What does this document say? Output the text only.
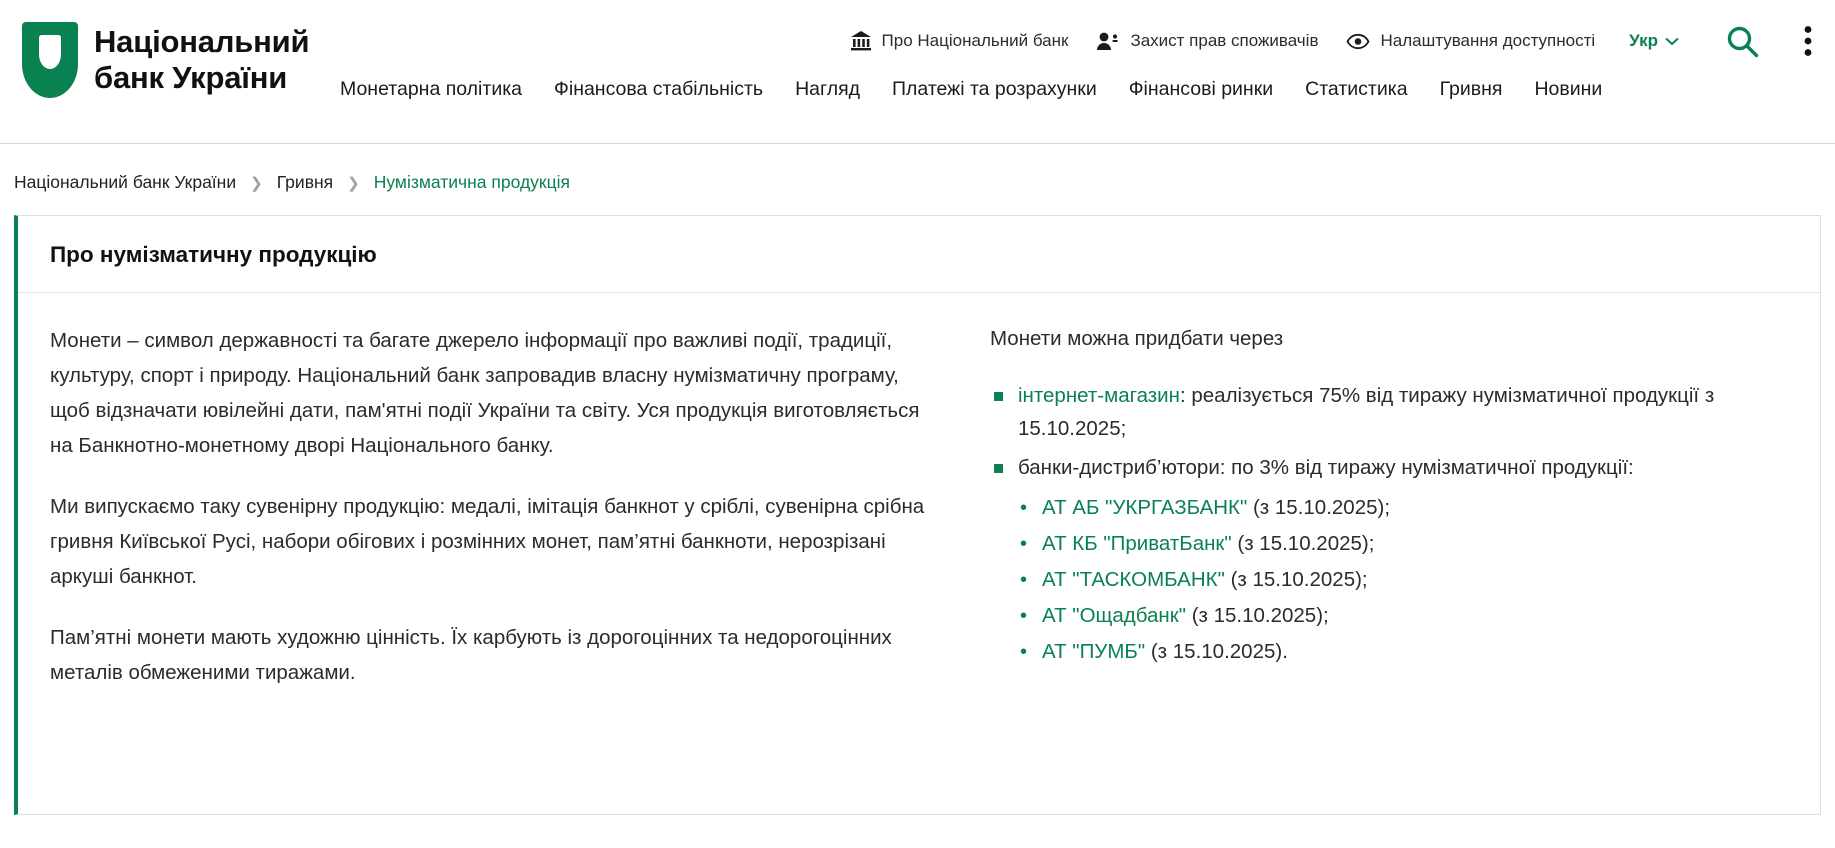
Національний
банк України
Про Національний банк	Захист прав споживачів	Налаштування доступності Укр
Монетарна політика Фінансова стабільність Нагляд Платежі та розрахунки Фінансові ринки Статистика Гривня Новини
Національний банк України ❯ Гривня ❯ Нумізматична продукція
Про нумізматичну продукцію

Монети – символ державності та багате джерело інформації про важливі події, традиції, культуру, спорт і природу. Національний банк запровадив власну нумізматичну програму, щоб відзначати ювілейні дати, пам'ятні події України та світу. Уся продукція виготовляється на Банкнотно-монетному дворі Національного банку.

Ми випускаємо таку сувенірну продукцію: медалі, імітація банкнот у сріблі, сувенірна срібна гривня Київської Русі, набори обігових і розмінних монет, пам’ятні банкноти, нерозрізані аркуші банкнот.

Пам’ятні монети мають художню цінність. Їх карбують із дорогоцінних та недорогоцінних металів обмеженими тиражами.

Монети можна придбати через

інтернет-магазин: реалізується 75% від тиражу нумізматичної продукції з 15.10.2025;
банки-дистриб’ютори: по 3% від тиражу нумізматичної продукції:
• АТ АБ "УКРГАЗБАНК" (з 15.10.2025);
• АТ КБ "ПриватБанк" (з 15.10.2025);
• АТ "ТАСКОМБАНК" (з 15.10.2025);
• АТ "Ощадбанк" (з 15.10.2025);
• АТ "ПУМБ" (з 15.10.2025).
